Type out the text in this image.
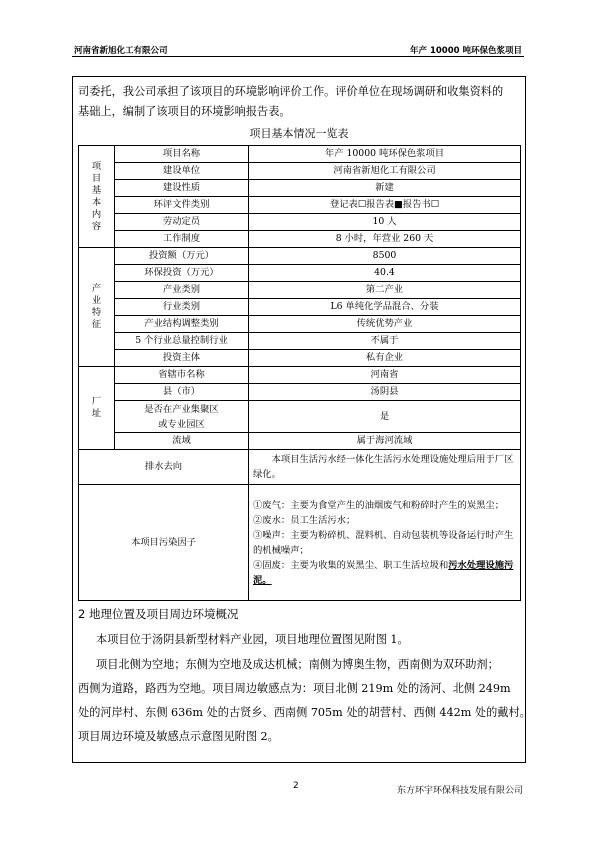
河南省新旭化工有限公司	年产 10000 吨环保色浆项目
司委托，我公司承担了该项目的环境影响评价工作。评价单位在现场调研和收集资料的
基础上，编制了该项目的环境影响报告表。
项目基本情况一览表
项目基本内容	项目名称	年产 10000 吨环保色浆项目
	建设单位	河南省新旭化工有限公司
	建设性质	新建
	环评文件类别	登记表☐报告表■报告书☐
	劳动定员	10 人
	工作制度	8 小时，年营业 260 天
产业特征	投资额（万元）	8500
	环保投资（万元）	40.4
	产业类别	第二产业
	行业类别	L6 单纯化学品混合、分装
	产业结构调整类别	传统优势产业
	5 个行业总量控制行业	不属于
	投资主体	私有企业
厂址	省辖市名称	河南省
	县（市）	汤阴县
	是否在产业集聚区
或专业园区	是
	流域	属于海河流域
排水去向		本项目生活污水经一体化生活污水处理设施处理后用于厂区绿化。
本项目污染因子		①废气：主要为食堂产生的油烟废气和粉碎时产生的炭黑尘；
②废水：员工生活污水；
③噪声：主要为粉碎机、混料机、自动包装机等设备运行时产生的机械噪声；
④固废：主要为收集的炭黑尘、职工生活垃圾和污水处理设施污泥。
2 地理位置及项目周边环境概况
本项目位于汤阴县新型材料产业园，项目地理位置图见附图 1。
项目北侧为空地；东侧为空地及成达机械；南侧为博奥生物，西南侧为双环助剂；
西侧为道路，路西为空地。项目周边敏感点为：项目北侧 219m 处的汤河、北侧 249m
处的河岸村、东侧 636m 处的古贤乡、西南侧 705m 处的胡营村、西侧 442m 处的戴村。
项目周边环境及敏感点示意图见附图 2。
2	东方环宇环保科技发展有限公司
